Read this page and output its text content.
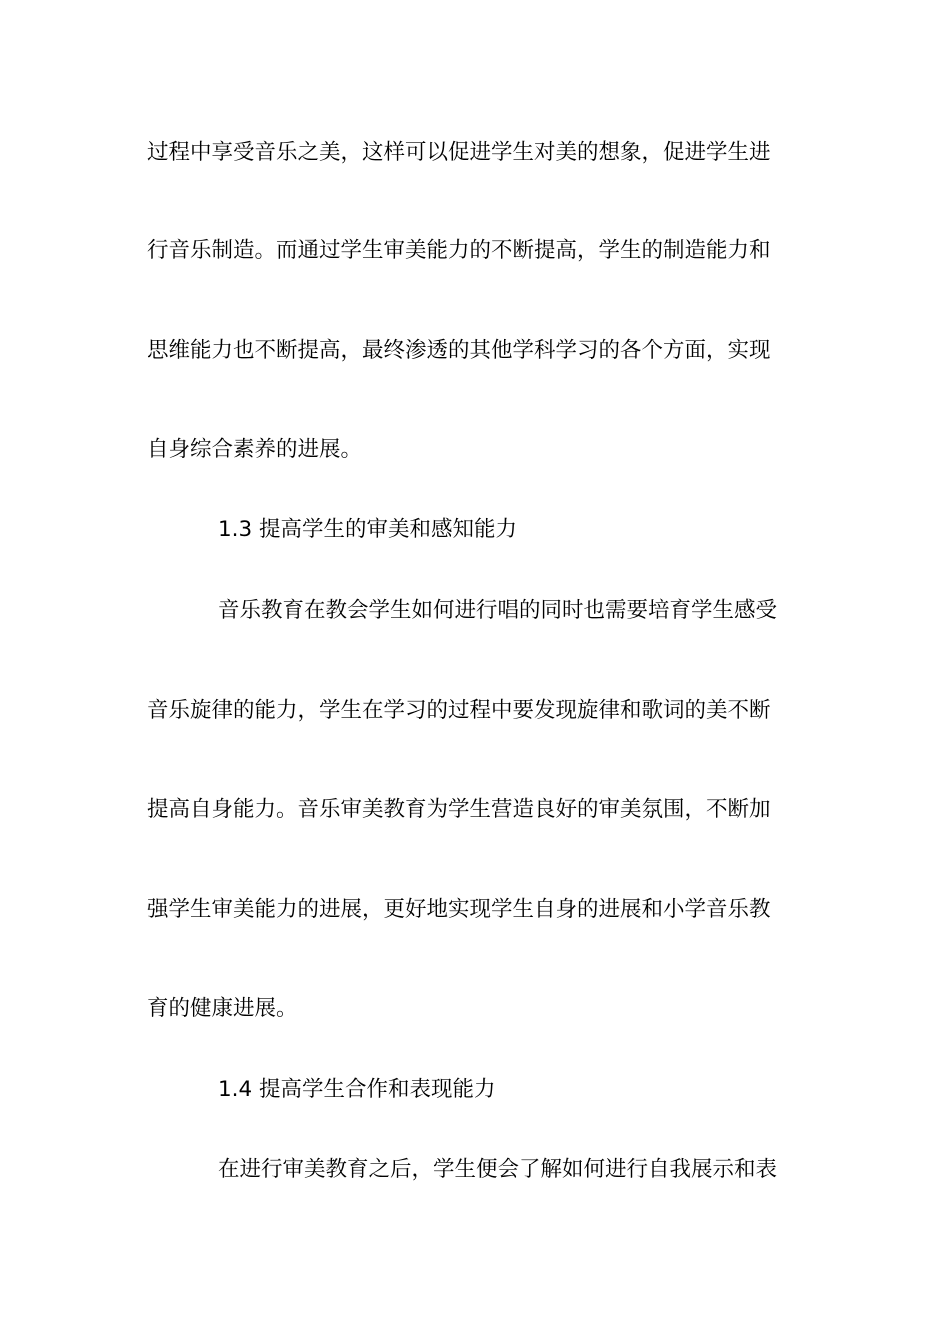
过程中享受音乐之美，这样可以促进学生对美的想象，促进学生进
行音乐制造。而通过学生审美能力的不断提高，学生的制造能力和
思维能力也不断提高，最终渗透的其他学科学习的各个方面，实现
自身综合素养的进展。
1.3 提高学生的审美和感知能力
音乐教育在教会学生如何进行唱的同时也需要培育学生感受
音乐旋律的能力，学生在学习的过程中要发现旋律和歌词的美不断
提高自身能力。音乐审美教育为学生营造良好的审美氛围，不断加
强学生审美能力的进展，更好地实现学生自身的进展和小学音乐教
育的健康进展。
1.4 提高学生合作和表现能力
在进行审美教育之后，学生便会了解如何进行自我展示和表
